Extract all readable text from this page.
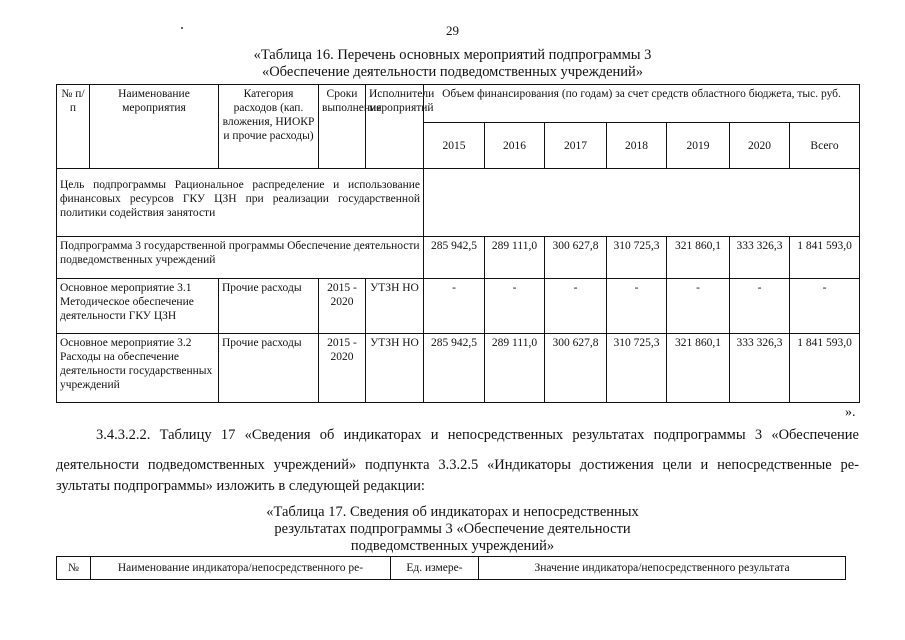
29
«Таблица 16. Перечень основных мероприятий подпрограммы 3
«Обеспечение деятельности подведомственных учреждений»
№ п/п	Наименование мероприятия	Категория расходов (кап. вложения, НИОКР и прочие расходы)	Сроки выполнения	Исполнители мероприятий	Объем финансирования (по годам) за счет средств областного бюджета, тыс. руб.						
					2015	2016	2017	2018	2019	2020	Всего
Цель подпрограммы Рациональное распределение и использование финансовых ресурсов ГКУ ЦЗН при реализации государственной политики содействия занятости											
Подпрограмма 3 государственной программы Обеспечение деятельности подведомственных учреждений					285 942,5	289 111,0	300 627,8	310 725,3	321 860,1	333 326,3	1 841 593,0
Основное мероприятие 3.1 Методическое обеспечение деятельности ГКУ ЦЗН		Прочие расходы	2015 - 2020	УТЗН НО	-	-	-	-	-	-	-
Основное мероприятие 3.2 Расходы на обеспечение деятельности государственных учреждений		Прочие расходы	2015 - 2020	УТЗН НО	285 942,5	289 111,0	300 627,8	310 725,3	321 860,1	333 326,3	1 841 593,0
».
3.4.3.2.2. Таблицу 17 «Сведения об индикаторах и непосредственных результатах подпрограммы 3 «Обеспечение
деятельности подведомственных учреждений» подпункта 3.3.2.5 «Индикаторы достижения цели и непосредственные ре-
зультаты подпрограммы» изложить в следующей редакции:
«Таблица 17. Сведения об индикаторах и непосредственных
результатах подпрограммы 3 «Обеспечение деятельности
подведомственных учреждений»
№	Наименование индикатора/непосредственного ре-	Ед. измере-	Значение индикатора/непосредственного результата
